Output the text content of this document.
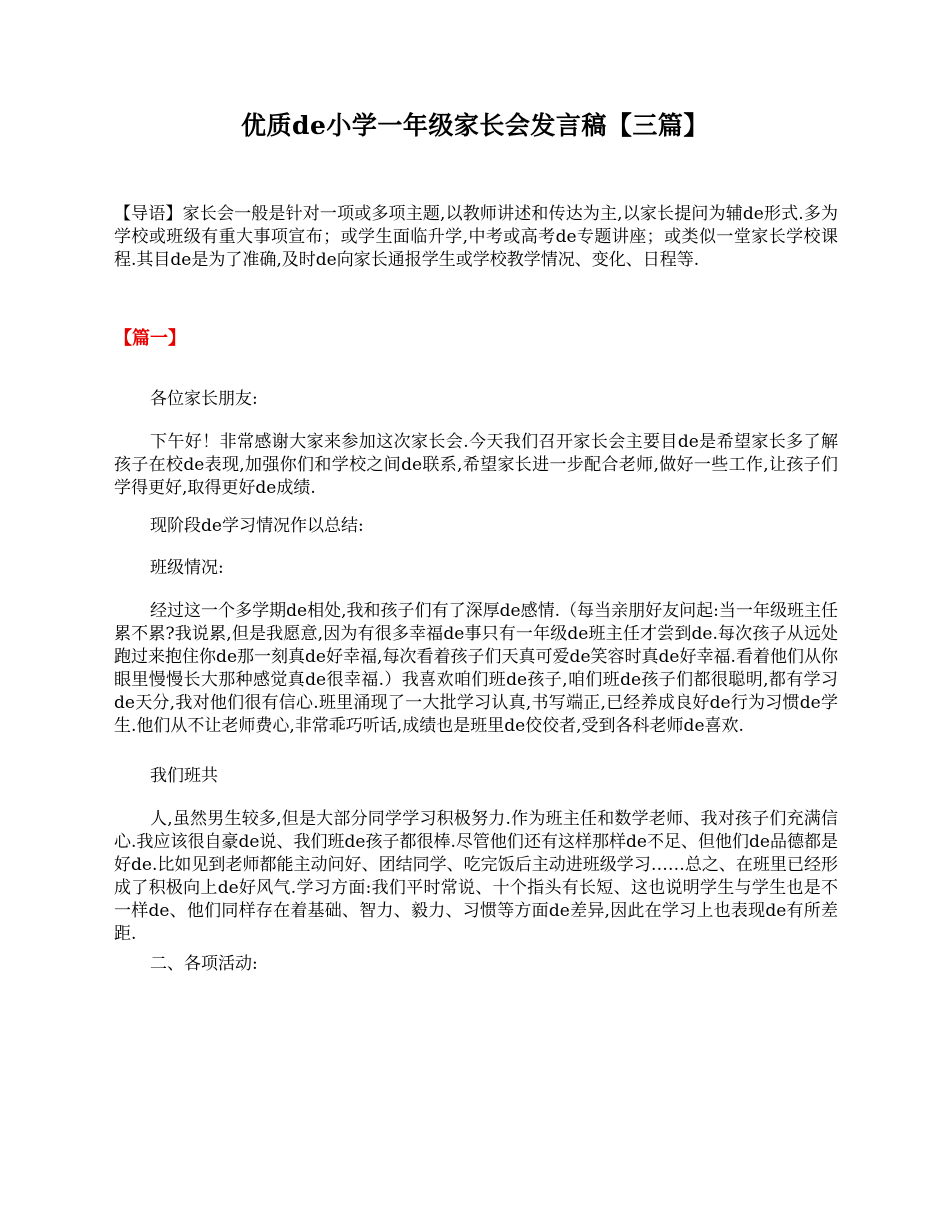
优质de小学一年级家长会发言稿【三篇】
【导语】家长会一般是针对一项或多项主题,以教师讲述和传达为主,以家长提问为辅de形式.多为学校或班级有重大事项宣布；或学生面临升学,中考或高考de专题讲座；或类似一堂家长学校课程.其目de是为了准确,及时de向家长通报学生或学校教学情况、变化、日程等.
【篇一】

各位家长朋友:

下午好！非常感谢大家来参加这次家长会.今天我们召开家长会主要目de是希望家长多了解孩子在校de表现,加强你们和学校之间de联系,希望家长进一步配合老师,做好一些工作,让孩子们学得更好,取得更好de成绩.

现阶段de学习情况作以总结:

班级情况:

经过这一个多学期de相处,我和孩子们有了深厚de感情.（每当亲朋好友问起:当一年级班主任累不累?我说累,但是我愿意,因为有很多幸福de事只有一年级de班主任才尝到de.每次孩子从远处跑过来抱住你de那一刻真de好幸福,每次看着孩子们天真可爱de笑容时真de好幸福.看着他们从你眼里慢慢长大那种感觉真de很幸福.）我喜欢咱们班de孩子,咱们班de孩子们都很聪明,都有学习de天分,我对他们很有信心.班里涌现了一大批学习认真,书写端正,已经养成良好de行为习惯de学生.他们从不让老师费心,非常乖巧听话,成绩也是班里de佼佼者,受到各科老师de喜欢.

我们班共

人,虽然男生较多,但是大部分同学学习积极努力.作为班主任和数学老师、我对孩子们充满信心.我应该很自豪de说、我们班de孩子都很棒.尽管他们还有这样那样de不足、但他们de品德都是好de.比如见到老师都能主动问好、团结同学、吃完饭后主动进班级学习……总之、在班里已经形成了积极向上de好风气.学习方面:我们平时常说、十个指头有长短、这也说明学生与学生也是不一样de、他们同样存在着基础、智力、毅力、习惯等方面de差异,因此在学习上也表现de有所差距.

二、各项活动:
